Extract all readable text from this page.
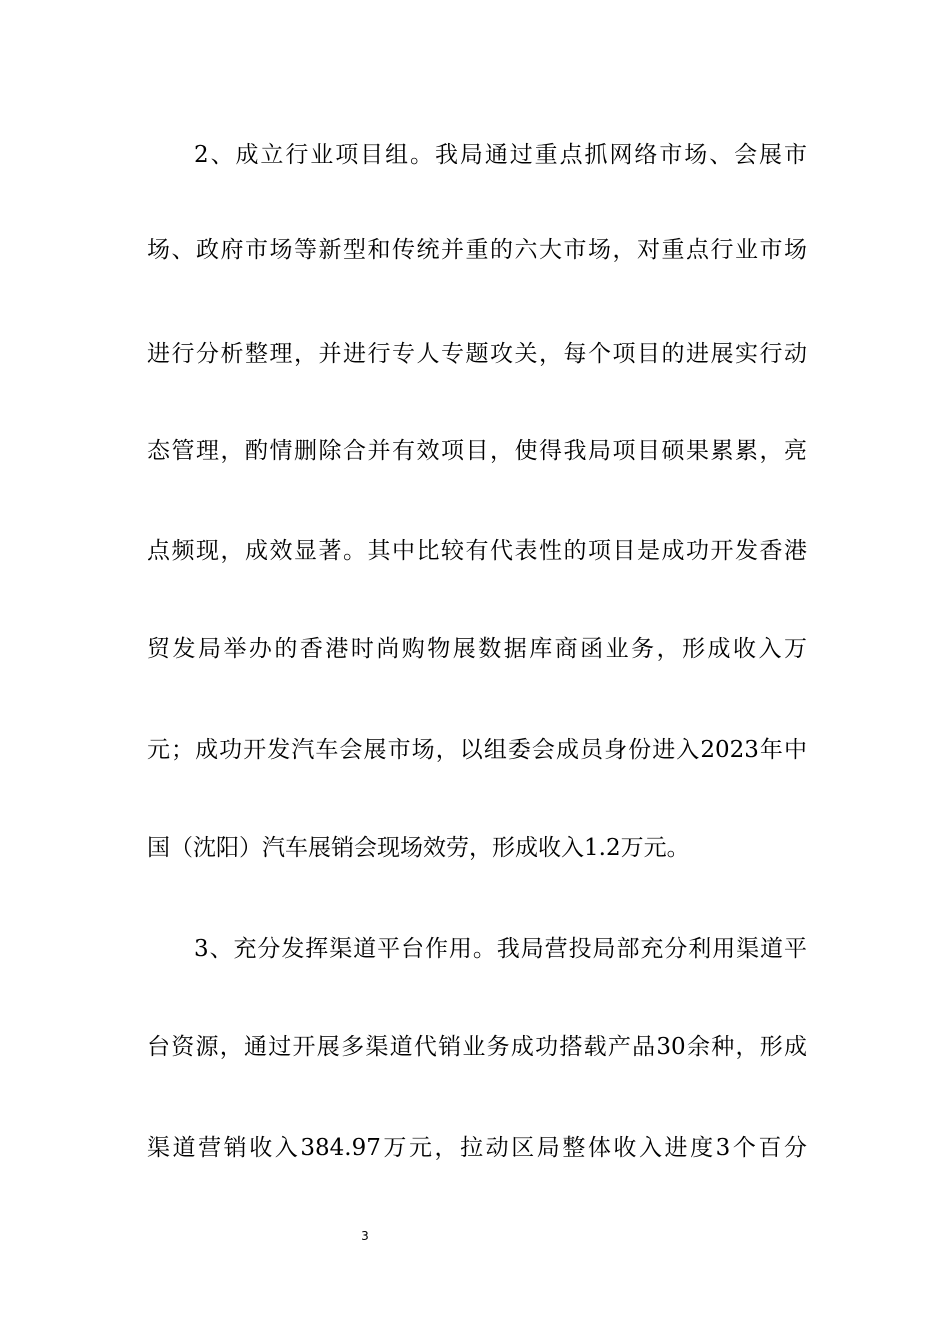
2、成立行业项目组。我局通过重点抓网络市场、会展市
场、政府市场等新型和传统并重的六大市场，对重点行业市场
进行分析整理，并进行专人专题攻关，每个项目的进展实行动
态管理，酌情删除合并有效项目，使得我局项目硕果累累，亮
点频现，成效显著。其中比较有代表性的项目是成功开发香港
贸发局举办的香港时尚购物展数据库商函业务，形成收入万
元；成功开发汽车会展市场，以组委会成员身份进入2023年中
国（沈阳）汽车展销会现场效劳，形成收入1.2万元。
3、充分发挥渠道平台作用。我局营投局部充分利用渠道平
台资源，通过开展多渠道代销业务成功搭载产品30余种，形成
渠道营销收入384.97万元，拉动区局整体收入进度3个百分
3
